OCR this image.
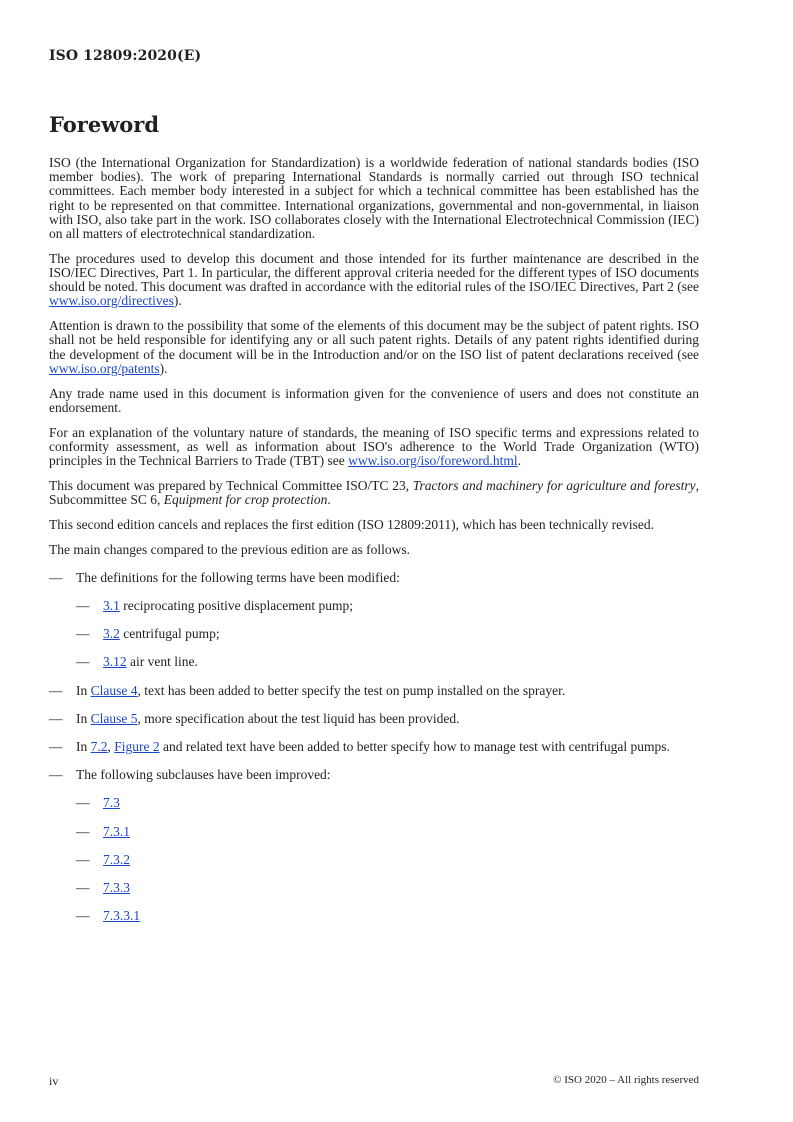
ISO 12809:2020(E)
Foreword

ISO (the International Organization for Standardization) is a worldwide federation of national standards bodies (ISO member bodies). The work of preparing International Standards is normally carried out through ISO technical committees. Each member body interested in a subject for which a technical committee has been established has the right to be represented on that committee. International organizations, governmental and non-governmental, in liaison with ISO, also take part in the work. ISO collaborates closely with the International Electrotechnical Commission (IEC) on all matters of electrotechnical standardization.

The procedures used to develop this document and those intended for its further maintenance are described in the ISO/IEC Directives, Part 1. In particular, the different approval criteria needed for the different types of ISO documents should be noted. This document was drafted in accordance with the editorial rules of the ISO/IEC Directives, Part 2 (see www.iso.org/directives).

Attention is drawn to the possibility that some of the elements of this document may be the subject of patent rights. ISO shall not be held responsible for identifying any or all such patent rights. Details of any patent rights identified during the development of the document will be in the Introduction and/or on the ISO list of patent declarations received (see www.iso.org/patents).

Any trade name used in this document is information given for the convenience of users and does not constitute an endorsement.

For an explanation of the voluntary nature of standards, the meaning of ISO specific terms and expressions related to conformity assessment, as well as information about ISO's adherence to the World Trade Organization (WTO) principles in the Technical Barriers to Trade (TBT) see www.iso.org/iso/foreword.html.

This document was prepared by Technical Committee ISO/TC 23, Tractors and machinery for agriculture and forestry, Subcommittee SC 6, Equipment for crop protection.

This second edition cancels and replaces the first edition (ISO 12809:2011), which has been technically revised.

The main changes compared to the previous edition are as follows.

—	The definitions for the following terms have been modified:
—	3.1 reciprocating positive displacement pump;
—	3.2 centrifugal pump;
—	3.12 air vent line.
—	In Clause 4, text has been added to better specify the test on pump installed on the sprayer.
—	In Clause 5, more specification about the test liquid has been provided.
—	In 7.2, Figure 2 and related text have been added to better specify how to manage test with centrifugal pumps.
—	The following subclauses have been improved:
—	7.3
—	7.3.1
—	7.3.2
—	7.3.3
—	7.3.3.1
iv	© ISO 2020 – All rights reserved
